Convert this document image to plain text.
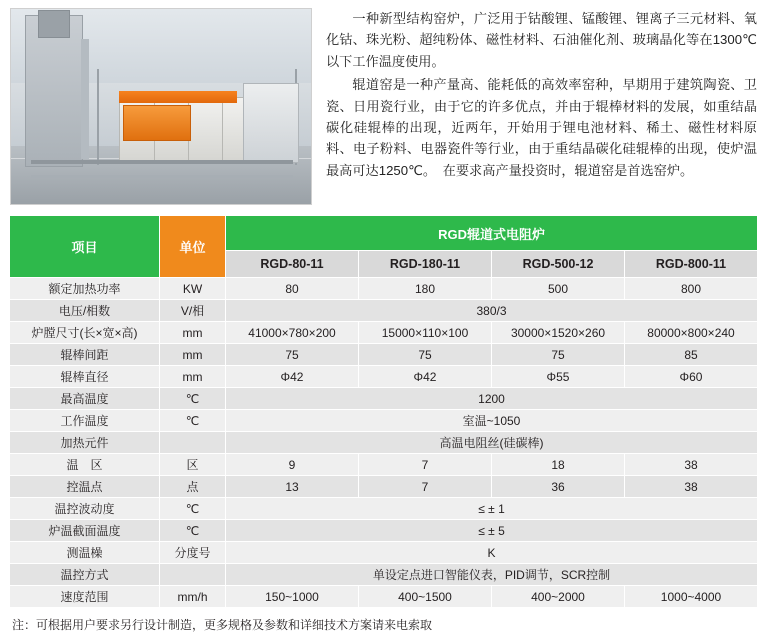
一种新型结构窑炉，广泛用于钴酸锂、锰酸锂、锂离子三元材料、氧化钴、珠光粉、超纯粉体、磁性材料、石油催化剂、玻璃晶化等在1300℃以下工作温度使用。

辊道窑是一种产量高、能耗低的高效率窑种，早期用于建筑陶瓷、卫瓷、日用瓷行业，由于它的许多优点，并由于辊棒材料的发展，如重结晶碳化硅辊棒的出现，近两年，开始用于锂电池材料、稀土、磁性材料原料、电子粉料、电器瓷件等行业，由于重结晶碳化硅辊棒的出现，使炉温最高可达1250℃。　在要求高产量投资时，辊道窑是首选窑炉。

项目	单位	RGD辊道式电阻炉			
		RGD-80-11	RGD-180-11	RGD-500-12	RGD-800-11
额定加热功率	KW	80	180	500	800
电压/相数	V/相	380/3			
炉膛尺寸(长×宽×高)	mm	41000×780×200	15000×110×100	30000×1520×260	80000×800×240
辊棒间距	mm	75	75	75	85
辊棒直径	mm	Φ42	Φ42	Φ55	Φ60
最高温度	℃	1200			
工作温度	℃	室温~1050			
加热元件		高温电阻丝(硅碳棒)			
温　区	区	9	7	18	38
控温点	点	13	7	36	38
温控波动度	℃	≤ ± 1			
炉温截面温度	℃	≤ ± 5			
测温橾	分度号	K			
温控方式		单设定点进口智能仪表，PID调节，SCR控制			
速度范围	mm/h	150~1000	400~1500	400~2000	1000~4000
注：可根据用户要求另行设计制造，更多规格及参数和详细技术方案请来电索取
